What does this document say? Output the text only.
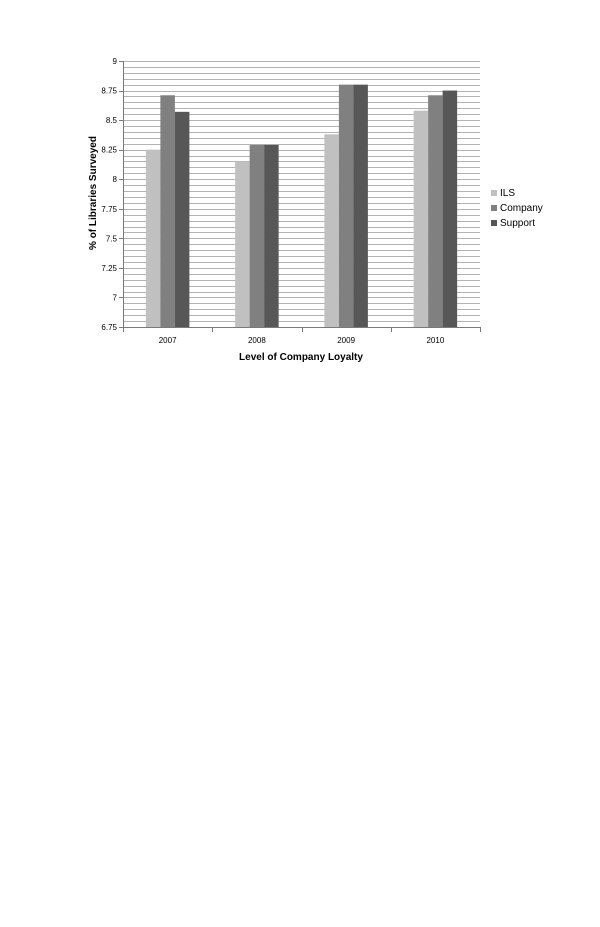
6.75
7
7.25
7.5
7.75
8
8.25
8.5
8.75
9
2007	2008	2009	2010
Level of Company Loyalty
% of Libraries Surveyed	ILS
Company
Support
